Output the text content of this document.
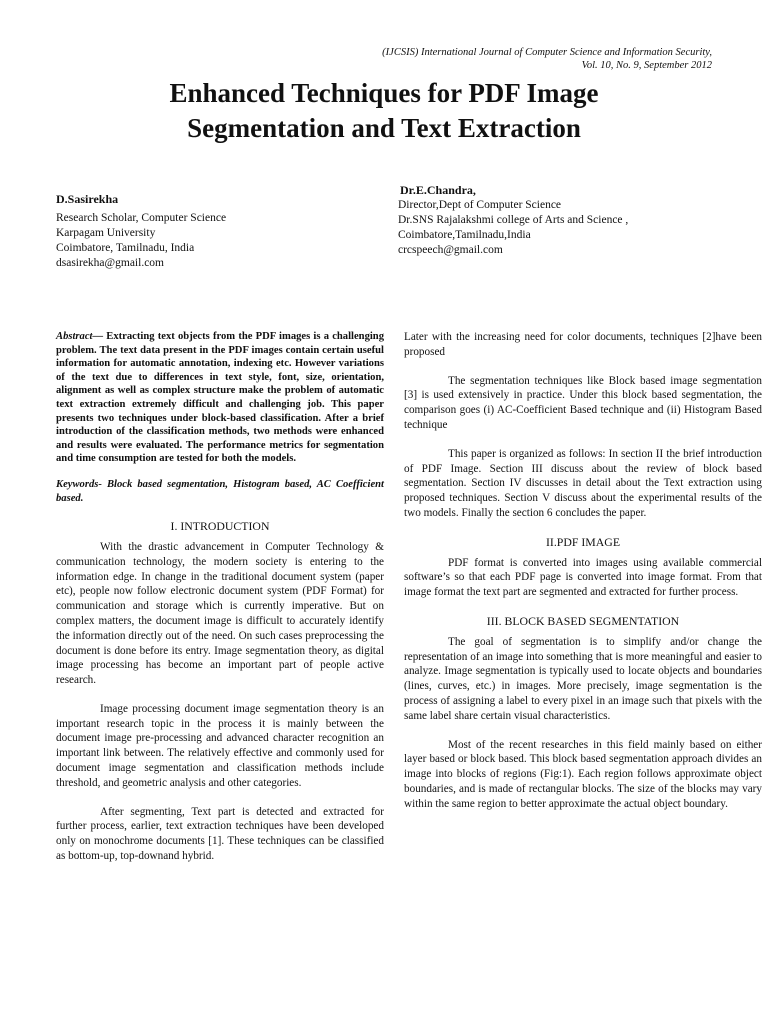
(IJCSIS) International Journal of Computer Science and Information Security,
Vol. 10, No. 9, September 2012
Enhanced Techniques for PDF Image
Segmentation and Text Extraction
D.Sasirekha
Research Scholar, Computer Science
Karpagam University
Coimbatore, Tamilnadu, India
dsasirekha@gmail.com
Dr.E.Chandra,
Director,Dept of Computer Science
Dr.SNS Rajalakshmi college of Arts and Science ,
Coimbatore,Tamilnadu,India
crcspeech@gmail.com
Abstract— Extracting text objects from the PDF images is a challenging problem. The text data present in the PDF images contain certain useful information for automatic annotation, indexing etc. However variations of the text due to differences in text style, font, size, orientation, alignment as well as complex structure make the problem of automatic text extraction extremely difficult and challenging job. This paper presents two techniques under block-based classification. After a brief introduction of the classification methods, two methods were enhanced and results were evaluated. The performance metrics for segmentation and time consumption are tested for both the models.
Keywords- Block based segmentation, Histogram based, AC Coefficient based.
I. INTRODUCTION

With the drastic advancement in Computer Technology & communication technology, the modern society is entering to the information edge. In change in the traditional document system (paper etc), people now follow electronic document system (PDF Format) for communication and storage which is currently imperative. But on complex matters, the document image is difficult to accurately identify the information directly out of the need. On such cases preprocessing the document is done before its entry. Image segmentation theory, as digital image processing has become an important part of people active research.

Image processing document image segmentation theory is an important research topic in the process it is mainly between the document image pre-processing and advanced character recognition an important link between. The relatively effective and commonly used for document image segmentation and classification methods include threshold, and geometric analysis and other categories.

After segmenting, Text part is detected and extracted for further process, earlier, text extraction techniques have been developed only on monochrome documents [1]. These techniques can be classified as bottom-up, top-downand hybrid.

Later with the increasing need for color documents, techniques [2]have been proposed

The segmentation techniques like Block based image segmentation [3] is used extensively in practice. Under this block based segmentation, the comparison goes (i) AC-Coefficient Based technique and (ii) Histogram Based technique

This paper is organized as follows: In section II the brief introduction of PDF Image. Section III discuss about the review of block based segmentation. Section IV discusses in detail about the Text extraction using proposed techniques. Section V discuss about the experimental results of the two models. Finally the section 6 concludes the paper.

II.PDF IMAGE

PDF format is converted into images using available commercial software’s so that each PDF page is converted into image format. From that image format the text part are segmented and extracted for further process.

III. BLOCK BASED SEGMENTATION

The goal of segmentation is to simplify and/or change the representation of an image into something that is more meaningful and easier to analyze. Image segmentation is typically used to locate objects and boundaries (lines, curves, etc.) in images. More precisely, image segmentation is the process of assigning a label to every pixel in an image such that pixels with the same label share certain visual characteristics.

Most of the recent researches in this field mainly based on either layer based or block based. This block based segmentation approach divides an image into blocks of regions (Fig:1). Each region follows approximate object boundaries, and is made of rectangular blocks. The size of the blocks may vary within the same region to better approximate the actual object boundary.
